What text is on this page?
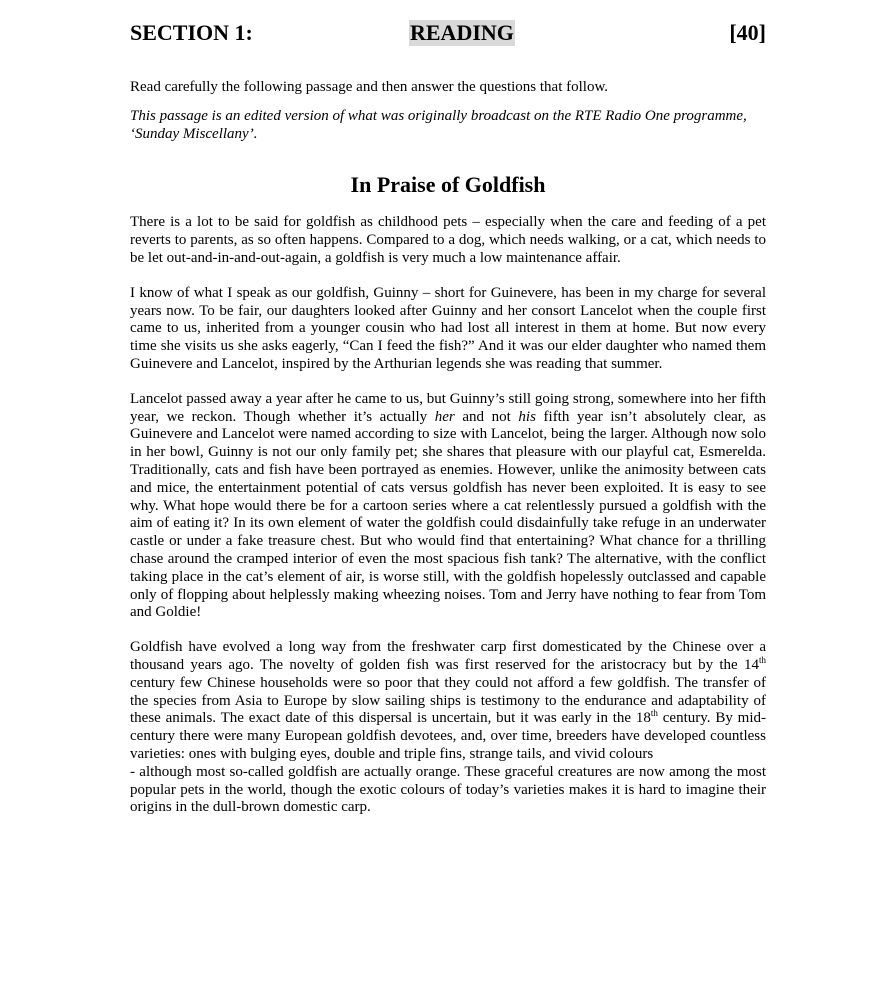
SECTION 1:	READING	[40]

Read carefully the following passage and then answer the questions that follow.

This passage is an edited version of what was originally broadcast on the RTE Radio One programme, ‘Sunday Miscellany’.

In Praise of Goldfish

There is a lot to be said for goldfish as childhood pets – especially when the care and feeding of a pet reverts to parents, as so often happens. Compared to a dog, which needs walking, or a cat, which needs to be let out-and-in-and-out-again, a goldfish is very much a low maintenance affair.

I know of what I speak as our goldfish, Guinny – short for Guinevere, has been in my charge for several years now. To be fair, our daughters looked after Guinny and her consort Lancelot when the couple first came to us, inherited from a younger cousin who had lost all interest in them at home. But now every time she visits us she asks eagerly, “Can I feed the fish?” And it was our elder daughter who named them Guinevere and Lancelot, inspired by the Arthurian legends she was reading that summer.

Lancelot passed away a year after he came to us, but Guinny’s still going strong, somewhere into her fifth year, we reckon. Though whether it’s actually her and not his fifth year isn’t absolutely clear, as Guinevere and Lancelot were named according to size with Lancelot, being the larger. Although now solo in her bowl, Guinny is not our only family pet; she shares that pleasure with our playful cat, Esmerelda. Traditionally, cats and fish have been portrayed as enemies. However, unlike the animosity between cats and mice, the entertainment potential of cats versus goldfish has never been exploited. It is easy to see why. What hope would there be for a cartoon series where a cat relentlessly pursued a goldfish with the aim of eating it? In its own element of water the goldfish could disdainfully take refuge in an underwater castle or under a fake treasure chest. But who would find that entertaining? What chance for a thrilling chase around the cramped interior of even the most spacious fish tank? The alternative, with the conflict taking place in the cat’s element of air, is worse still, with the goldfish hopelessly outclassed and capable only of flopping about helplessly making wheezing noises. Tom and Jerry have nothing to fear from Tom and Goldie!

Goldfish have evolved a long way from the freshwater carp first domesticated by the Chinese over a thousand years ago. The novelty of golden fish was first reserved for the aristocracy but by the 14th century few Chinese households were so poor that they could not afford a few goldfish. The transfer of the species from Asia to Europe by slow sailing ships is testimony to the endurance and adaptability of these animals. The exact date of this dispersal is uncertain, but it was early in the 18th century. By mid-century there were many European goldfish devotees, and, over time, breeders have developed countless varieties: ones with bulging eyes, double and triple fins, strange tails, and vivid colours
- although most so-called goldfish are actually orange. These graceful creatures are now among the most popular pets in the world, though the exotic colours of today’s varieties makes it is hard to imagine their origins in the dull-brown domestic carp.
